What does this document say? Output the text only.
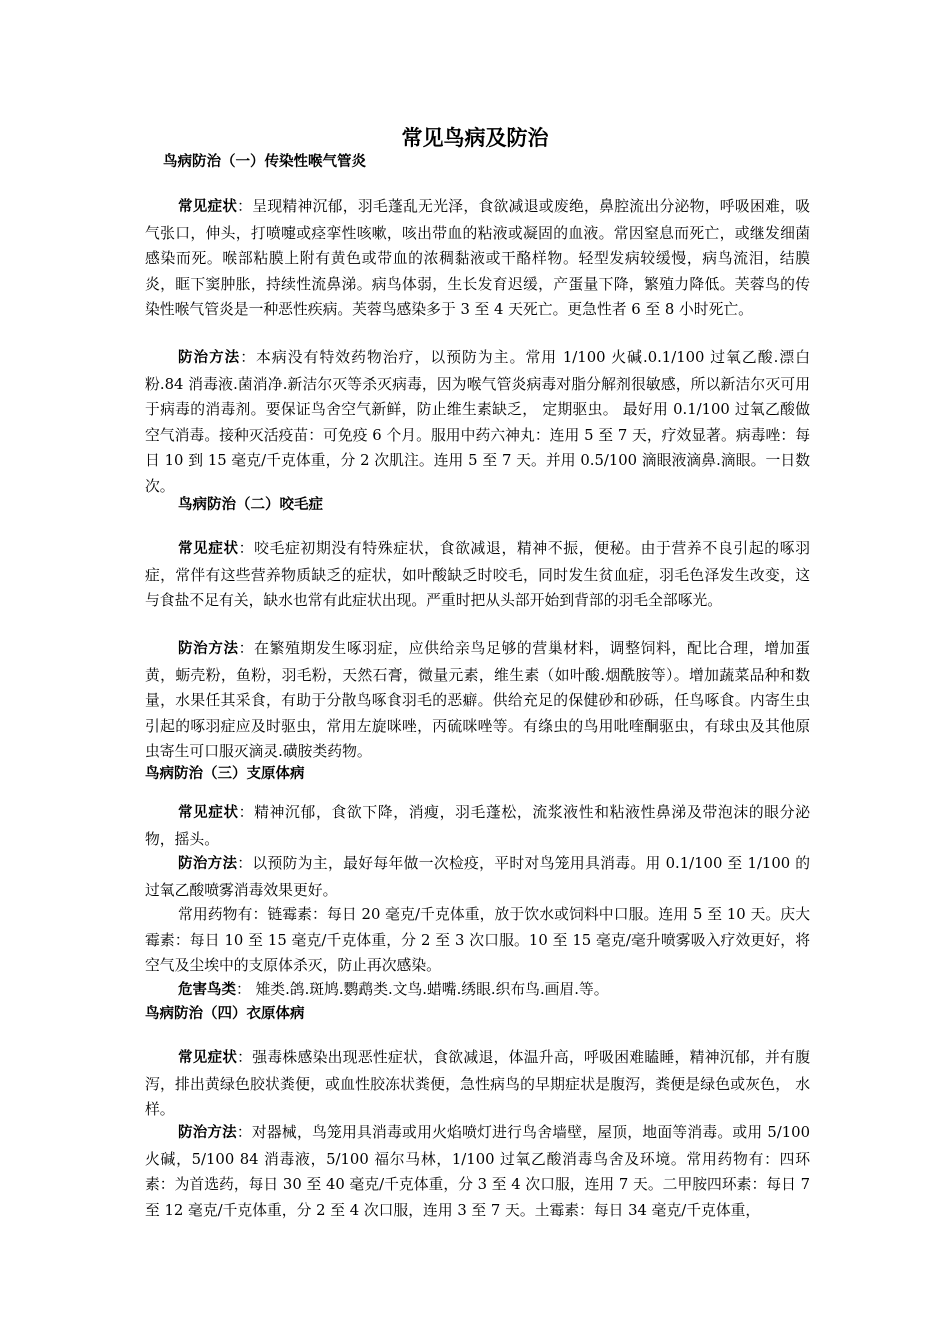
常见鸟病及防治
鸟病防治（一）传染性喉气管炎
常见症状：呈现精神沉郁，羽毛蓬乱无光泽，食欲减退或废绝，鼻腔流出分泌物，呼吸困难，吸气张口，伸头，打喷嚏或痉挛性咳嗽，咳出带血的粘液或凝固的血液。常因窒息而死亡，或继发细菌感染而死。喉部粘膜上附有黄色或带血的浓稠黏液或干酪样物。轻型发病较缓慢，病鸟流泪，结膜炎，眶下窦肿胀，持续性流鼻涕。病鸟体弱，生长发育迟缓，产蛋量下降，繁殖力降低。芙蓉鸟的传染性喉气管炎是一种恶性疾病。芙蓉鸟感染多于 3 至 4 天死亡。更急性者 6 至 8 小时死亡。
防治方法：本病没有特效药物治疗，以预防为主。常用 1/100 火碱.0.1/100 过氧乙酸.漂白粉.84 消毒液.菌消净.新洁尔灭等杀灭病毒，因为喉气管炎病毒对脂分解剂很敏感，所以新洁尔灭可用于病毒的消毒剂。要保证鸟舍空气新鲜，防止维生素缺乏， 定期驱虫。 最好用 0.1/100 过氧乙酸做空气消毒。接种灭活疫苗：可免疫 6 个月。服用中药六神丸：连用 5 至 7 天，疗效显著。病毒唑：每日 10 到 15 毫克/千克体重，分 2 次肌注。连用 5 至 7 天。并用 0.5/100 滴眼液滴鼻.滴眼。一日数次。
鸟病防治（二）咬毛症
常见症状：咬毛症初期没有特殊症状，食欲减退，精神不振，便秘。由于营养不良引起的啄羽症，常伴有这些营养物质缺乏的症状，如叶酸缺乏时咬毛，同时发生贫血症，羽毛色泽发生改变，这与食盐不足有关，缺水也常有此症状出现。严重时把从头部开始到背部的羽毛全部啄光。
防治方法：在繁殖期发生啄羽症，应供给亲鸟足够的营巢材料，调整饲料，配比合理，增加蛋黄，蛎壳粉，鱼粉，羽毛粉，天然石膏，微量元素，维生素（如叶酸.烟酰胺等）。增加蔬菜品种和数量，水果任其采食，有助于分散鸟啄食羽毛的恶癖。供给充足的保健砂和砂砾，任鸟啄食。内寄生虫引起的啄羽症应及时驱虫，常用左旋咪唑，丙硫咪唑等。有绦虫的鸟用吡喹酮驱虫，有球虫及其他原虫寄生可口服灭滴灵.磺胺类药物。
鸟病防治（三）支原体病
常见症状：精神沉郁，食欲下降，消瘦，羽毛蓬松，流浆液性和粘液性鼻涕及带泡沫的眼分泌物，摇头。
防治方法：以预防为主，最好每年做一次检疫，平时对鸟笼用具消毒。用 0.1/100 至 1/100 的过氧乙酸喷雾消毒效果更好。
常用药物有：链霉素：每日 20 毫克/千克体重，放于饮水或饲料中口服。连用 5 至 10 天。庆大霉素：每日 10 至 15 毫克/千克体重，分 2 至 3 次口服。10 至 15 毫克/毫升喷雾吸入疗效更好，将空气及尘埃中的支原体杀灭，防止再次感染。
危害鸟类： 雉类.鸽.斑鸠.鹦鹉类.文鸟.蜡嘴.绣眼.织布鸟.画眉.等。
鸟病防治（四）衣原体病
常见症状：强毒株感染出现恶性症状，食欲减退，体温升高，呼吸困难瞌睡，精神沉郁，并有腹泻，排出黄绿色胶状粪便，或血性胶冻状粪便，急性病鸟的早期症状是腹泻，粪便是绿色或灰色， 水样。
防治方法：对器械，鸟笼用具消毒或用火焰喷灯进行鸟舍墙壁，屋顶，地面等消毒。或用 5/100 火碱，5/100 84 消毒液，5/100 福尔马林，1/100 过氧乙酸消毒鸟舍及环境。常用药物有：四环素：为首选药，每日 30 至 40 毫克/千克体重，分 3 至 4 次口服，连用 7 天。二甲胺四环素：每日 7 至 12 毫克/千克体重，分 2 至 4 次口服，连用 3 至 7 天。土霉素：每日 34 毫克/千克体重，
